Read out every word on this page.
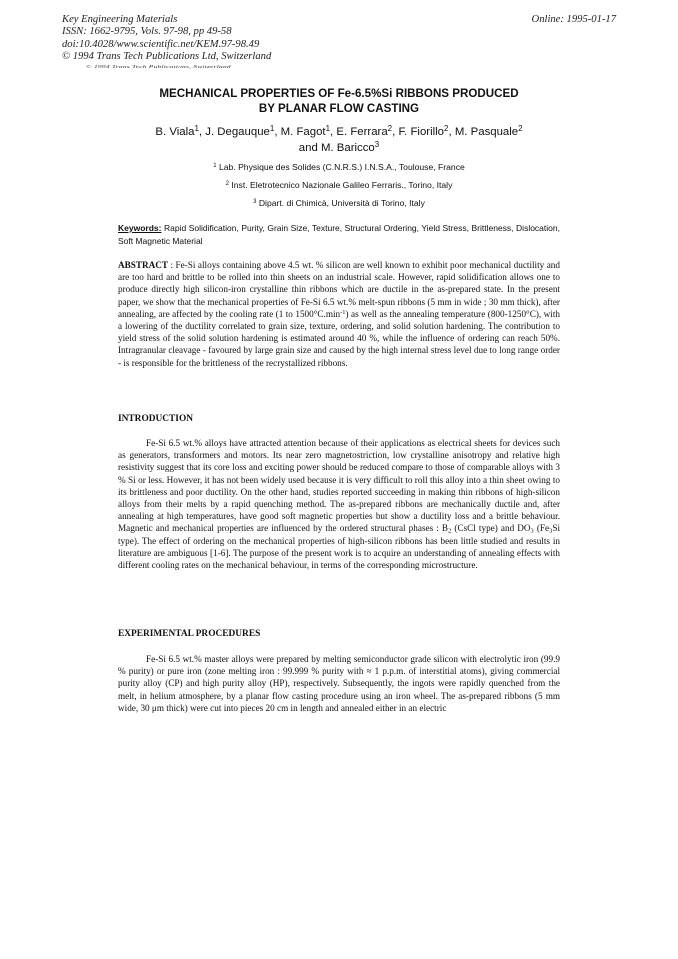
Key Engineering Materials
ISSN: 1662-9795, Vols. 97-98, pp 49-58
doi:10.4028/www.scientific.net/KEM.97-98.49
© 1994 Trans Tech Publications Ltd, Switzerland
Online: 1995-01-17
© 1994 Trans Tech Publications, Switzerland
MECHANICAL PROPERTIES OF Fe-6.5%Si RIBBONS PRODUCED
BY PLANAR FLOW CASTING
B. Viala$^1$, J. Degauque$^1$, M. Fagot$^1$, E. Ferrara$^2$, F. Fiorillo$^2$, M. Pasquale$^2$
and M. Baricco$^3$
$^1$ Lab. Physique des Solides (C.N.R.S.) I.N.S.A., Toulouse, France
$^2$ Inst. Eletrotecnico Nazionale Galileo Ferraris., Torino, Italy
$^3$ Dipart. di Chimicà, Università di Torino, Italy
Keywords: Rapid Solidification, Purity, Grain Size, Texture, Structural Ordering, Yield Stress, Brittleness, Dislocation, Soft Magnetic Material
ABSTRACT : Fe-Si alloys containing above 4.5 wt. % silicon are well known to exhibit poor mechanical ductility and are too hard and brittle to be rolled into thin sheets on an industrial scale. However, rapid solidification allows one to produce directly high silicon-iron crystalline thin ribbons which are ductile in the as-prepared state. In the present paper, we show that the mechanical properties of Fe-Si 6.5 wt.% melt-spun ribbons (5 mm in wide ; 30 mm thick), after annealing, are affected by the cooling rate (1 to $1500^\circ C.\min^{-1}$) as well as the annealing temperature (800-1250°C), with a lowering of the ductility correlated to grain size, texture, ordering, and solid solution hardening. The contribution to yield stress of the solid solution hardening is estimated around 40 %, while the influence of ordering can reach 50%. Intragranular cleavage - favoured by large grain size and caused by the high internal stress level due to long range order - is responsible for the brittleness of the recrystallized ribbons.
INTRODUCTION
Fe-Si 6.5 wt.% alloys have attracted attention because of their applications as electrical sheets for devices such as generators, transformers and motors. Its near zero magnetostriction, low crystalline anisotropy and relative high resistivity suggest that its core loss and exciting power should be reduced compare to those of comparable alloys with 3 % Si or less. However, it has not been widely used because it is very difficult to roll this alloy into a thin sheet owing to its brittleness and poor ductility. On the other hand, studies reported succeeding in making thin ribbons of high-silicon alloys from their melts by a rapid quenching method. The as-prepared ribbons are mechanically ductile and, after annealing at high temperatures, have good soft magnetic properties but show a ductility loss and a brittle behaviour. Magnetic and mechanical properties are influenced by the ordered structural phases : $B_2$ (CsCl type) and $DO_3$ ($Fe_3Si$ type). The effect of ordering on the mechanical properties of high-silicon ribbons has been little studied and results in literature are ambiguous [1-6]. The purpose of the present work is to acquire an understanding of annealing effects with different cooling rates on the mechanical behaviour, in terms of the corresponding microstructure.
EXPERIMENTAL PROCEDURES
Fe-Si 6.5 wt.% master alloys were prepared by melting semiconductor grade silicon with electrolytic iron (99.9 % purity) or pure iron (zone melting iron : 99.999 % purity with ≈ 1 p.p.m. of interstitial atoms), giving commercial purity alloy (CP) and high purity alloy (HP), respectively. Subsequently, the ingots were rapidly quenched from the melt, in helium atmosphere, by a planar flow casting procedure using an iron wheel. The as-prepared ribbons (5 mm wide, 30 μm thick) were cut into pieces 20 cm in length and annealed either in an electric
